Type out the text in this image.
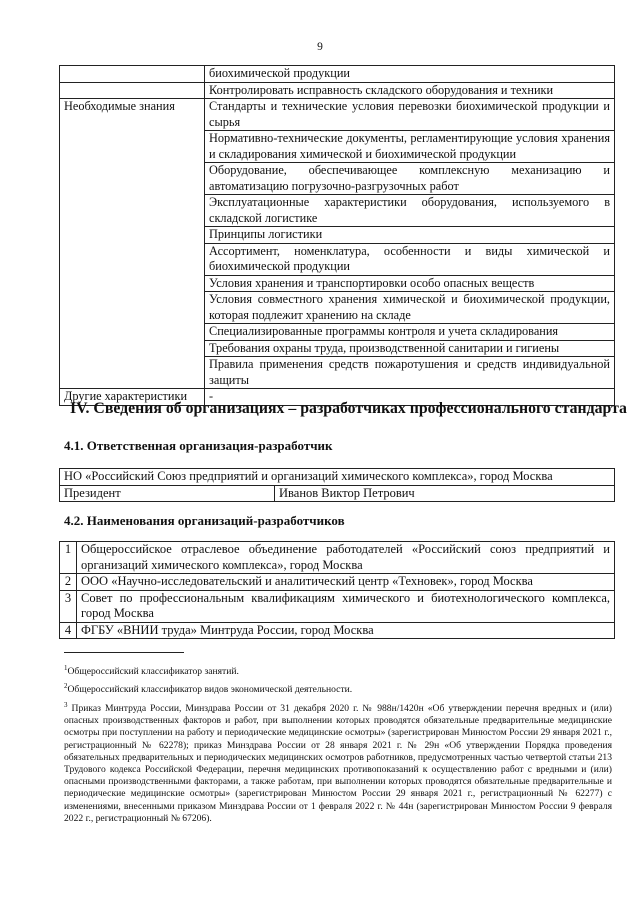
9
	биохимической продукции
	Контролировать исправность складского оборудования и техники
Необходимые знания	Стандарты и технические условия перевозки биохимической продукции и сырья
	Нормативно-технические документы, регламентирующие условия хранения и складирования химической и биохимической продукции
	Оборудование, обеспечивающее комплексную механизацию и автоматизацию погрузочно-разгрузочных работ
	Эксплуатационные характеристики оборудования, используемого в складской логистике
	Принципы логистики
	Ассортимент, номенклатура, особенности и виды химической и биохимической продукции
	Условия хранения и транспортировки особо опасных веществ
	Условия совместного хранения химической и биохимической продукции, которая подлежит хранению на складе
	Специализированные программы контроля и учета складирования
	Требования охраны труда, производственной санитарии и гигиены
	Правила применения средств пожаротушения и средств индивидуальной защиты
Другие характеристики	-
IV. Сведения об организациях – разработчиках профессионального стандарта
4.1. Ответственная организация-разработчик
НО «Российский Союз предприятий и организаций химического комплекса», город Москва
Президент	Иванов Виктор Петрович
4.2. Наименования организаций-разработчиков
1	Общероссийское отраслевое объединение работодателей «Российский союз предприятий и организаций химического комплекса», город Москва
2	ООО «Научно-исследовательский и аналитический центр «Техновек», город Москва
3	Совет по профессиональным квалификациям химического и биотехнологического комплекса, город Москва
4	ФГБУ «ВНИИ труда» Минтруда России, город Москва

$^1$Общероссийский классификатор занятий.

$^2$Общероссийский классификатор видов экономической деятельности.

$^3$ Приказ Минтруда России, Минздрава России от 31 декабря 2020 г. № 988н/1420н «Об утверждении перечня вредных и (или) опасных производственных факторов и работ, при выполнении которых проводятся обязательные предварительные медицинские осмотры при поступлении на работу и периодические медицинские осмотры» (зарегистрирован Минюстом России 29 января 2021 г., регистрационный № 62278); приказ Минздрава России от 28 января 2021 г. № 29н «Об утверждении Порядка проведения обязательных предварительных и периодических медицинских осмотров работников, предусмотренных частью четвертой статьи 213 Трудового кодекса Российской Федерации, перечня медицинских противопоказаний к осуществлению работ с вредными и (или) опасными производственными факторами, а также работам, при выполнении которых проводятся обязательные предварительные и периодические медицинские осмотры» (зарегистрирован Минюстом России 29 января 2021 г., регистрационный № 62277) с изменениями, внесенными приказом Минздрава России от 1 февраля 2022 г. № 44н (зарегистрирован Минюстом России 9 февраля 2022 г., регистрационный № 67206).
